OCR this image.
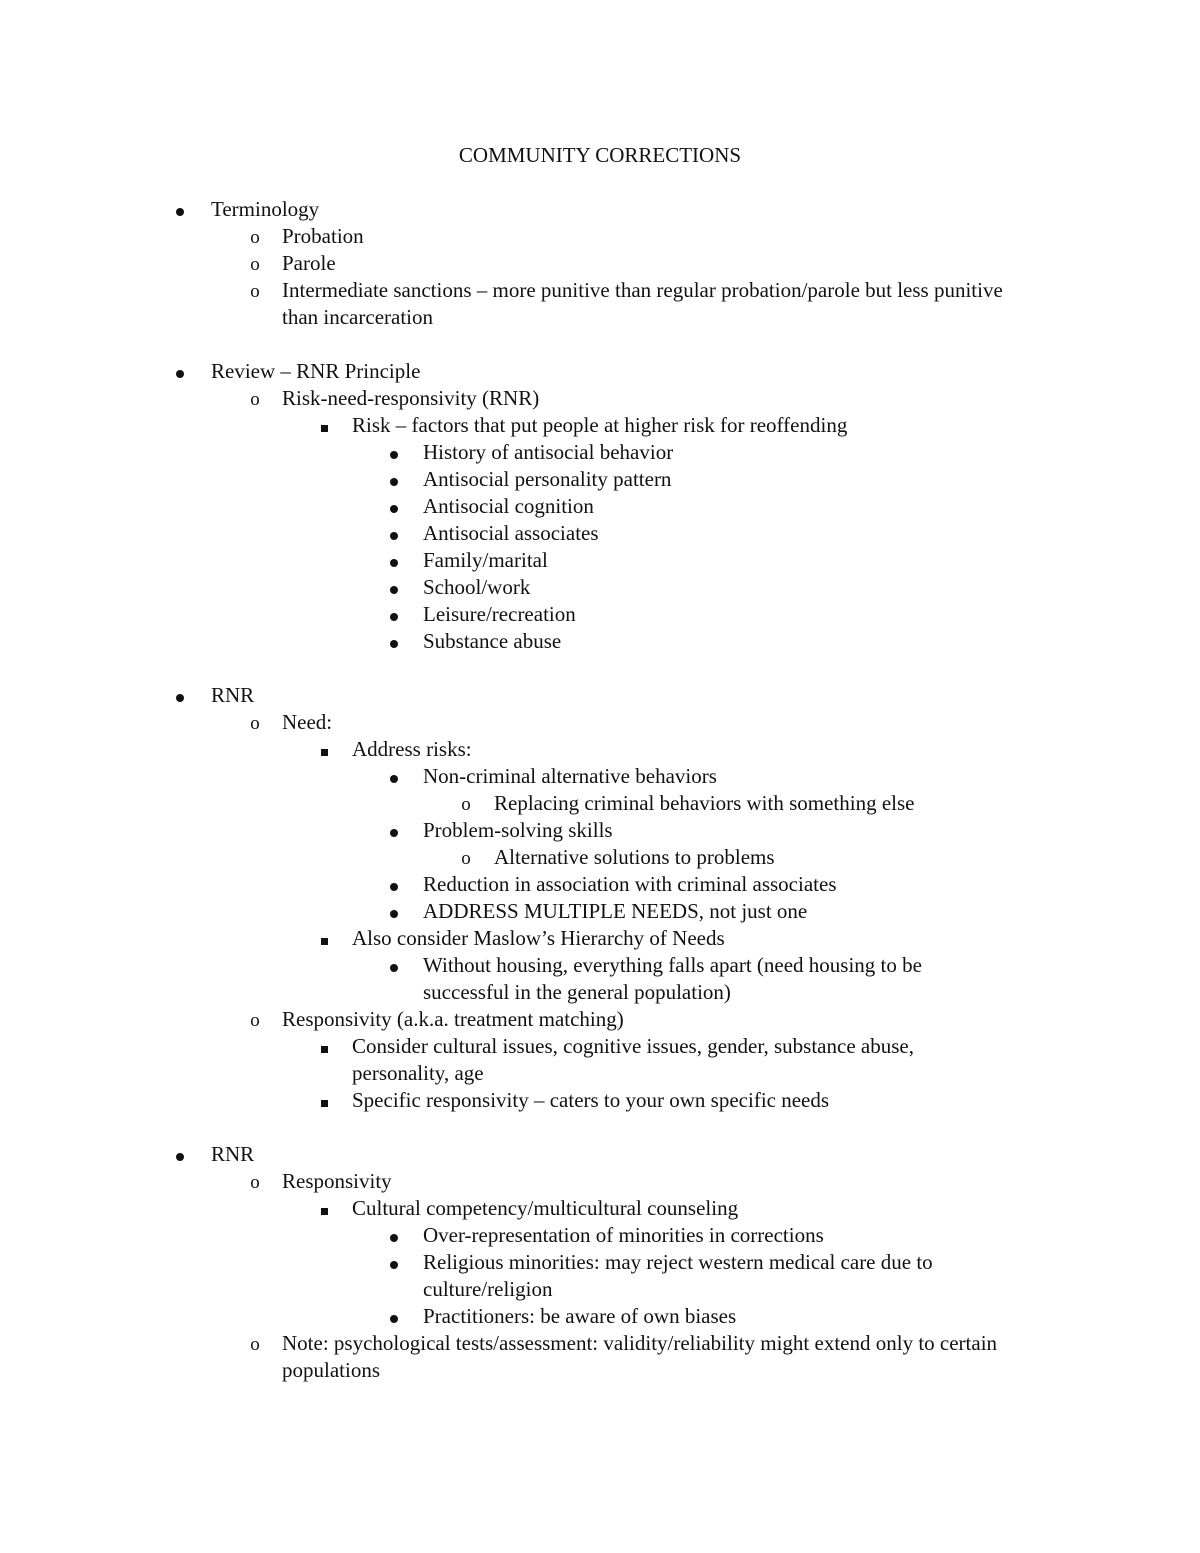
COMMUNITY CORRECTIONS
Terminology
o Probation
o Parole
o Intermediate sanctions – more punitive than regular probation/parole but less punitive than incarceration
Review – RNR Principle
o Risk-need-responsivity (RNR)
Risk – factors that put people at higher risk for reoffending
History of antisocial behavior
Antisocial personality pattern
Antisocial cognition
Antisocial associates
Family/marital
School/work
Leisure/recreation
Substance abuse
RNR
o Need:
Address risks:
Non-criminal alternative behaviors
o Replacing criminal behaviors with something else
Problem-solving skills
o Alternative solutions to problems
Reduction in association with criminal associates
ADDRESS MULTIPLE NEEDS, not just one
Also consider Maslow’s Hierarchy of Needs
Without housing, everything falls apart (need housing to be successful in the general population)
o Responsivity (a.k.a. treatment matching)
Consider cultural issues, cognitive issues, gender, substance abuse, personality, age
Specific responsivity – caters to your own specific needs
RNR
o Responsivity
Cultural competency/multicultural counseling
Over-representation of minorities in corrections
Religious minorities: may reject western medical care due to culture/religion
Practitioners: be aware of own biases
o Note: psychological tests/assessment: validity/reliability might extend only to certain populations
